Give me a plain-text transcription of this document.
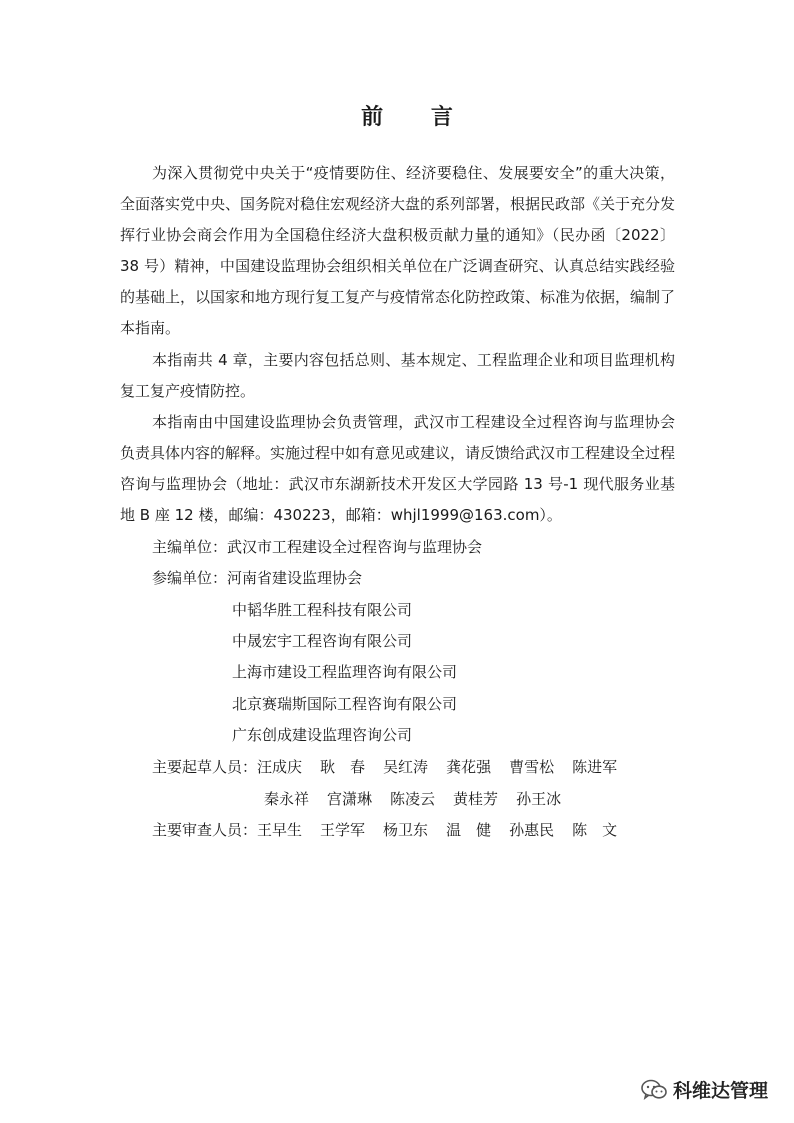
前 言

为深入贯彻党中央关于“疫情要防住、经济要稳住、发展要安全”的重大决策，全面落实党中央、国务院对稳住宏观经济大盘的系列部署，根据民政部《关于充分发挥行业协会商会作用为全国稳住经济大盘积极贡献力量的通知》（民办函〔2022〕38 号）精神，中国建设监理协会组织相关单位在广泛调查研究、认真总结实践经验的基础上，以国家和地方现行复工复产与疫情常态化防控政策、标准为依据，编制了本指南。

本指南共 4 章，主要内容包括总则、基本规定、工程监理企业和项目监理机构复工复产疫情防控。

本指南由中国建设监理协会负责管理，武汉市工程建设全过程咨询与监理协会负责具体内容的解释。实施过程中如有意见或建议，请反馈给武汉市工程建设全过程咨询与监理协会（地址：武汉市东湖新技术开发区大学园路 13 号-1 现代服务业基地 B 座 12 楼，邮编：430223，邮箱：whjl1999@163.com）。

主编单位：武汉市工程建设全过程咨询与监理协会
参编单位：河南省建设监理协会
中韬华胜工程科技有限公司
中晟宏宇工程咨询有限公司
上海市建设工程监理咨询有限公司
北京赛瑞斯国际工程咨询有限公司
广东创成建设监理咨询公司
主要起草人员：汪成庆 耿　春 吴红涛 龚花强 曹雪松 陈进军
秦永祥 宫潇琳 陈凌云 黄桂芳 孙王冰
主要审查人员：王早生 王学军 杨卫东 温　健 孙惠民 陈　文
科维达管理
